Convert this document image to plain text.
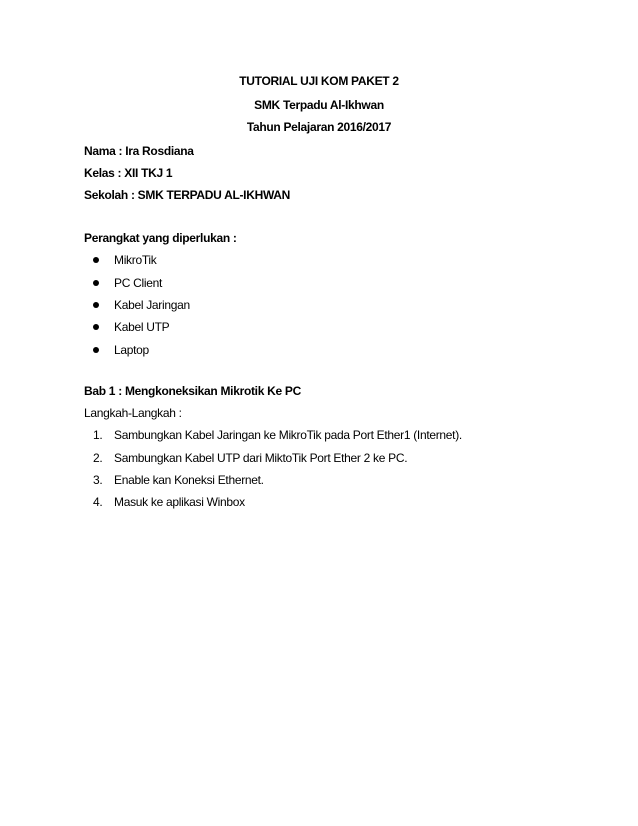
TUTORIAL UJI KOM PAKET 2
SMK Terpadu Al-Ikhwan
Tahun Pelajaran 2016/2017
Nama : Ira Rosdiana
Kelas : XII TKJ 1
Sekolah : SMK TERPADU AL-IKHWAN
Perangkat yang diperlukan :
MikroTik
PC Client
Kabel Jaringan
Kabel UTP
Laptop
Bab 1 : Mengkoneksikan Mikrotik Ke PC
Langkah-Langkah :
1. Sambungkan Kabel Jaringan ke MikroTik pada Port Ether1 (Internet).
2. Sambungkan Kabel UTP dari MiktoTik Port Ether 2 ke PC.
3. Enable kan Koneksi Ethernet.
4. Masuk ke aplikasi Winbox
